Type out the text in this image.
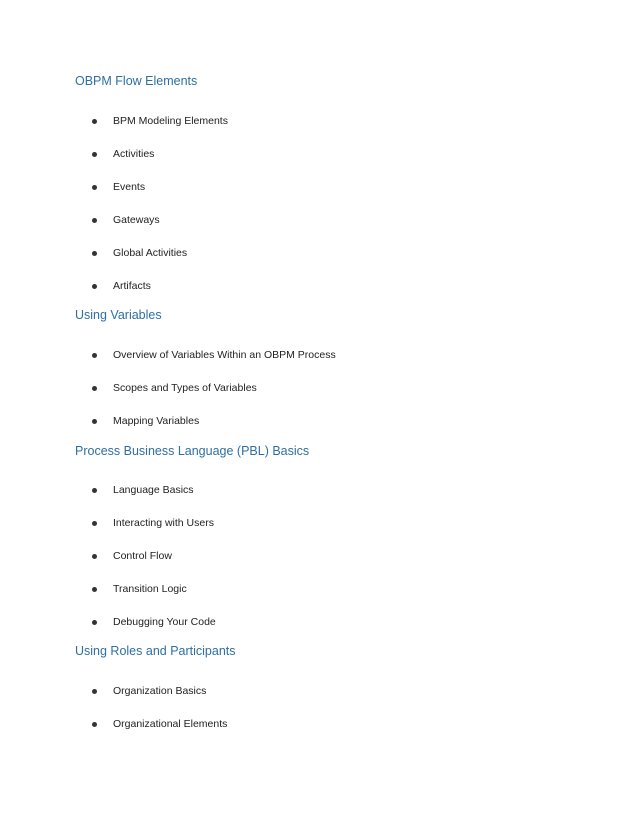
OBPM Flow Elements
BPM Modeling Elements
Activities
Events
Gateways
Global Activities
Artifacts
Using Variables
Overview of Variables Within an OBPM Process
Scopes and Types of Variables
Mapping Variables
Process Business Language (PBL) Basics
Language Basics
Interacting with Users
Control Flow
Transition Logic
Debugging Your Code
Using Roles and Participants
Organization Basics
Organizational Elements
